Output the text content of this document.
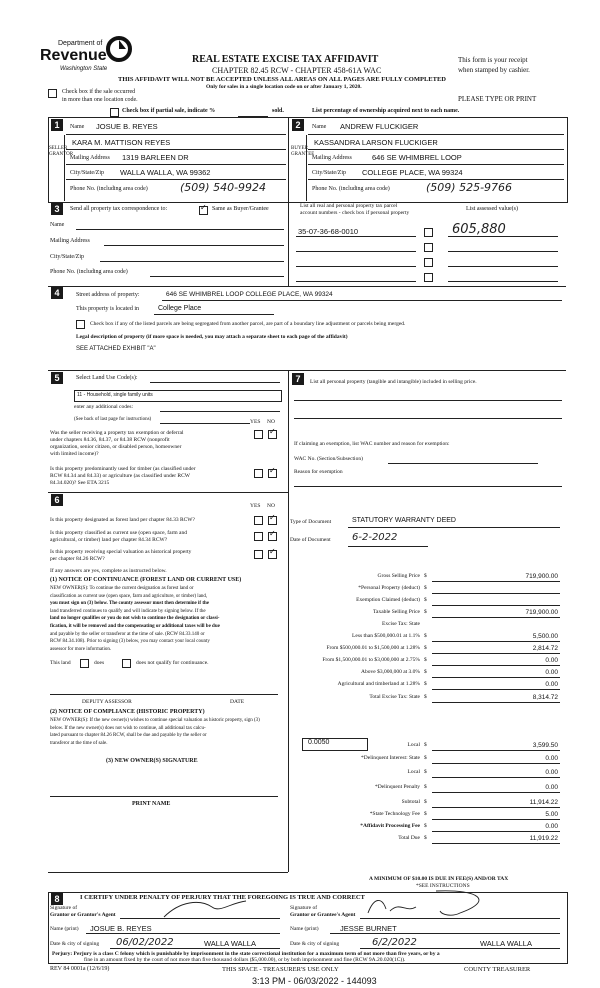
Department of
Revenue
Washington State
REAL ESTATE EXCISE TAX AFFIDAVIT
CHAPTER 82.45 RCW - CHAPTER 458-61A WAC
THIS AFFIDAVIT WILL NOT BE ACCEPTED UNLESS ALL AREAS ON ALL PAGES ARE FULLY COMPLETED
Only for sales in a single location code on or after January 1, 2020.
This form is your receipt
when stamped by cashier.
PLEASE TYPE OR PRINT
Check box if the sale occurred
in more than one location code.
Check box if partial sale, indicate %	sold.	List percentage of ownership acquired next to each name.
1
SELLER GRANTOR
Name JOSUE B. REYES
KARA M. MATTISON REYES
Mailing Address 1319 BARLEEN DR
City/State/Zip WALLA WALLA, WA 99362
Phone No. (including area code)	(509) 540-9924
2
BUYER GRANTEE
Name ANDREW FLUCKIGER
KASSANDRA LARSON FLUCKIGER
Mailing Address	646 SE WHIMBREL LOOP
City/State/Zip COLLEGE PLACE, WA 99324
Phone No. (including area code)	(509) 525-9766
3	Send all property tax correspondence to:
✓	Same as Buyer/Grantee	List all real and personal property tax parcel
account numbers - check box if personal property
List assessed value(s)
Name
Mailing Address
City/State/Zip
Phone No. (including area code)
35-07-36-68-0010	605,880
4	Street address of property:	646 SE WHIMBREL LOOP COLLEGE PLACE, WA 99324
This property is located in	College Place
Check box if any of the listed parcels are being segregated from another parcel, are part of a boundary line adjustment or parcels being merged.
Legal description of property (if more space is needed, you may attach a separate sheet to each page of the affidavit)
SEE ATTACHED EXHIBIT "A"
5	Select Land Use Code(s):
11 - Household, single family units
enter any additional codes:
(See back of last page for instructions)	YES NO
Was the seller receiving a property tax exemption or deferral
under chapters 84.36, 84.37, or 84.38 RCW (nonprofit
organization, senior citizen, or disabled person, homeowner
with limited income)?
✓
Is this property predominantly used for timber (as classified under
RCW 84.34 and 84.33) or agriculture (as classified under RCW
84.34.020)? See ETA 3215
✓
6
YES NO
Is this property designated as forest land per chapter 84.33 RCW?
✓
Is this property classified as current use (open space, farm and
agricultural, or timber) land per chapter 84.34 RCW?
✓
Is this property receiving special valuation as historical property
per chapter 84.26 RCW?
✓
If any answers are yes, complete as instructed below.
(1) NOTICE OF CONTINUANCE (FOREST LAND OR CURRENT USE)
NEW OWNER(S): To continue the current designation as forest land or
classification as current use (open space, farm and agriculture, or timber) land,
you must sign on (3) below. The county assessor must then determine if the
land transferred continues to qualify and will indicate by signing below. If the
land no longer qualifies or you do not wish to continue the designation or classi-
fication, it will be removed and the compensating or additional taxes will be due
and payable by the seller or transferor at the time of sale. (RCW 84.33.140 or
RCW 84.34.108). Prior to signing (3) below, you may contact your local county
assessor for more information.
This land	does	does not qualify for continuance.
DEPUTY ASSESSOR	DATE
(2) NOTICE OF COMPLIANCE (HISTORIC PROPERTY)
NEW OWNER(S): If the new owner(s) wishes to continue special valuation as historic property, sign (3)
below. If the new owner(s) does not wish to continue, all additional tax calcu-
lated pursuant to chapter 84.26 RCW, shall be due and payable by the seller or
transferor at the time of sale.
(3) NEW OWNER(S) SIGNATURE
PRINT NAME
7	List all personal property (tangible and intangible) included in selling price.
If claiming an exemption, list WAC number and reason for exemption:
WAC No. (Section/Subsection)
Reason for exemption
Type of Document	STATUTORY WARRANTY DEED
Date of Document 6-2-2022
Gross Selling Price $	719,900.00
*Personal Property (deduct) $
Exemption Claimed (deduct) $
Taxable Selling Price $	719,900.00
Excise Tax: State
Less than $500,000.01 at 1.1% $	5,500.00
From $500,000.01 to $1,500,000 at 1.28% $	2,814.72
From $1,500,000.01 to $3,000,000 at 2.75% $	0.00
Above $3,000,000 at 3.0% $	0.00
Agricultural and timberland at 1.28% $	0.00
Total Excise Tax: State $	8,314.72
Local $	3,599.50
*Delinquent Interest: State $	0.00
Local $	0.00
*Delinquent Penalty $	0.00
Subtotal $	11,914.22
*State Technology Fee $	5.00
*Affidavit Processing Fee $	0.00
Total Due $	11,919.22
0.0050
A MINIMUM OF $10.00 IS DUE IN FEE(S) AND/OR TAX
*SEE INSTRUCTIONS
8	I CERTIFY UNDER PENALTY OF PERJURY THAT THE FOREGOING IS TRUE AND CORRECT
Signature of
Grantor or Grantor's Agent
Signature of
Grantor or Grantee's Agent
Name (print) JOSUE B. REYES	Name (print)	JESSE BURNET
Date & city of signing 06/02/2022	WALLA WALLA	Date & city of signing	6/2/2022	WALLA WALLA
Perjury: Perjury is a class C felony which is punishable by imprisonment in the state correctional institution for a maximum term of not more than five years, or by a
fine in an amount fixed by the court of not more than five thousand dollars ($5,000.00), or by both imprisonment and fine (RCW 9A.20.020(1C)).
REV 84 0001a (12/6/19)	THIS SPACE - TREASURER'S USE ONLY	COUNTY TREASURER
3:13 PM - 06/03/2022 - 144093
